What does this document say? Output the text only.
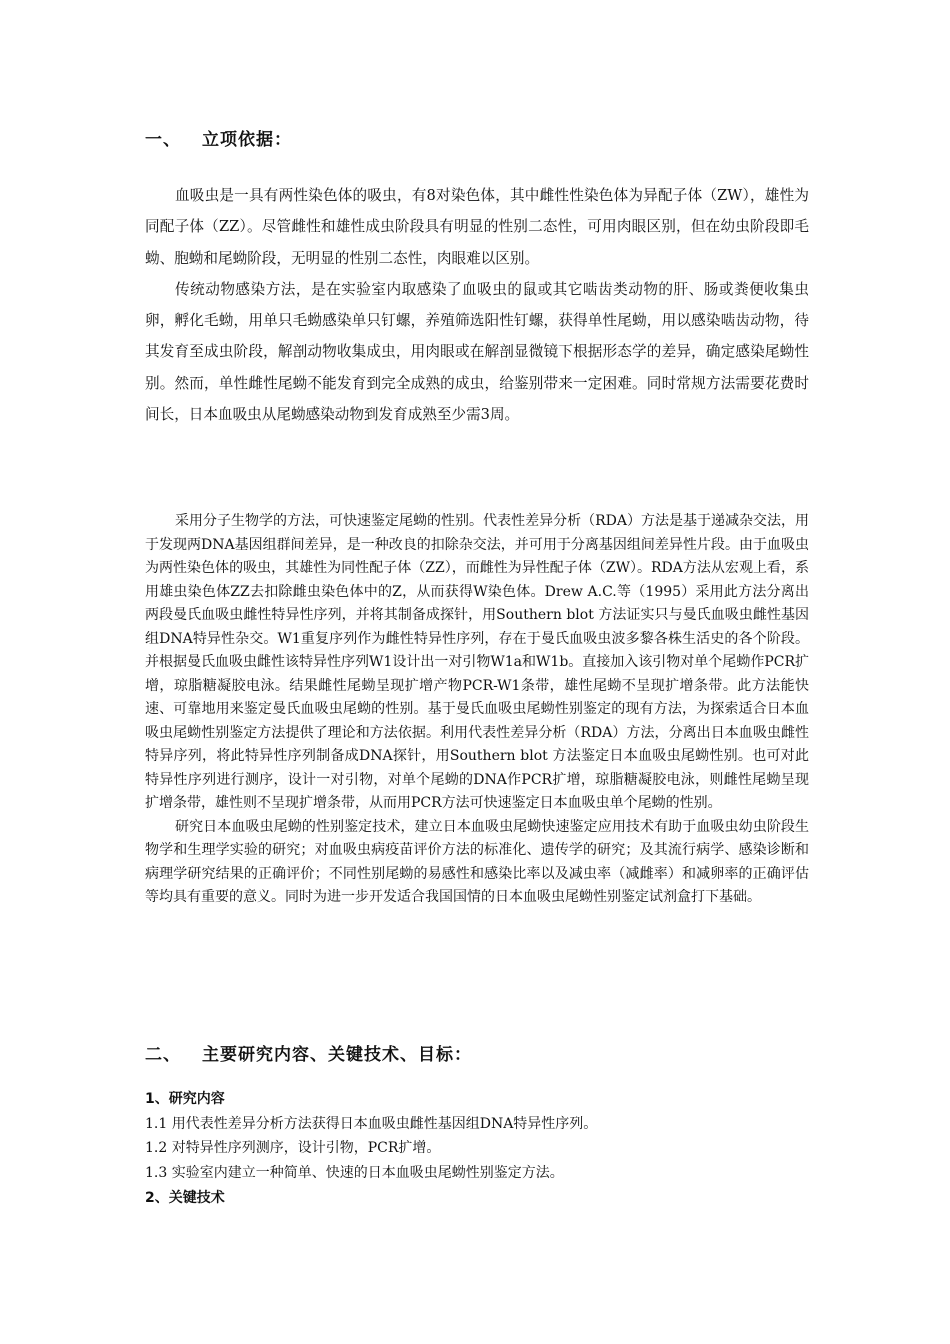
一、 立项依据：

血吸虫是一具有两性染色体的吸虫，有8对染色体，其中雌性性染色体为异配子体（ZW），雄性为同配子体（ZZ）。尽管雌性和雄性成虫阶段具有明显的性别二态性，可用肉眼区别，但在幼虫阶段即毛蚴、胞蚴和尾蚴阶段，无明显的性别二态性，肉眼难以区别。

传统动物感染方法，是在实验室内取感染了血吸虫的鼠或其它啮齿类动物的肝、肠或粪便收集虫卵，孵化毛蚴，用单只毛蚴感染单只钉螺，养殖筛选阳性钉螺，获得单性尾蚴，用以感染啮齿动物，待其发育至成虫阶段，解剖动物收集成虫，用肉眼或在解剖显微镜下根据形态学的差异，确定感染尾蚴性别。然而，单性雌性尾蚴不能发育到完全成熟的成虫，给鉴别带来一定困难。同时常规方法需要花费时间长，日本血吸虫从尾蚴感染动物到发育成熟至少需3周。

采用分子生物学的方法，可快速鉴定尾蚴的性别。代表性差异分析（RDA）方法是基于递减杂交法，用于发现两DNA基因组群间差异，是一种改良的扣除杂交法，并可用于分离基因组间差异性片段。由于血吸虫为两性染色体的吸虫，其雄性为同性配子体（ZZ），而雌性为异性配子体（ZW）。RDA方法从宏观上看，系用雄虫染色体ZZ去扣除雌虫染色体中的Z，从而获得W染色体。Drew A.C.等（1995）采用此方法分离出两段曼氏血吸虫雌性特异性序列，并将其制备成探针，用Southern blot 方法证实只与曼氏血吸虫雌性基因组DNA特异性杂交。W1重复序列作为雌性特异性序列，存在于曼氏血吸虫波多黎各株生活史的各个阶段。并根据曼氏血吸虫雌性该特异性序列W1设计出一对引物W1a和W1b。直接加入该引物对单个尾蚴作PCR扩增，琼脂糖凝胶电泳。结果雌性尾蚴呈现扩增产物PCR-W1条带，雄性尾蚴不呈现扩增条带。此方法能快速、可靠地用来鉴定曼氏血吸虫尾蚴的性别。基于曼氏血吸虫尾蚴性别鉴定的现有方法，为探索适合日本血吸虫尾蚴性别鉴定方法提供了理论和方法依据。利用代表性差异分析（RDA）方法，分离出日本血吸虫雌性特异序列，将此特异性序列制备成DNA探针，用Southern blot 方法鉴定日本血吸虫尾蚴性别。也可对此特异性序列进行测序，设计一对引物，对单个尾蚴的DNA作PCR扩增，琼脂糖凝胶电泳，则雌性尾蚴呈现扩增条带，雄性则不呈现扩增条带，从而用PCR方法可快速鉴定日本血吸虫单个尾蚴的性别。

研究日本血吸虫尾蚴的性别鉴定技术，建立日本血吸虫尾蚴快速鉴定应用技术有助于血吸虫幼虫阶段生物学和生理学实验的研究；对血吸虫病疫苗评价方法的标准化、遗传学的研究；及其流行病学、感染诊断和病理学研究结果的正确评价；不同性别尾蚴的易感性和感染比率以及减虫率（减雌率）和减卵率的正确评估等均具有重要的意义。同时为进一步开发适合我国国情的日本血吸虫尾蚴性别鉴定试剂盒打下基础。

二、 主要研究内容、关键技术、目标：
1、研究内容
1.1 用代表性差异分析方法获得日本血吸虫雌性基因组DNA特异性序列。
1.2 对特异性序列测序，设计引物，PCR扩增。
1.3 实验室内建立一种简单、快速的日本血吸虫尾蚴性别鉴定方法。
2、关键技术
